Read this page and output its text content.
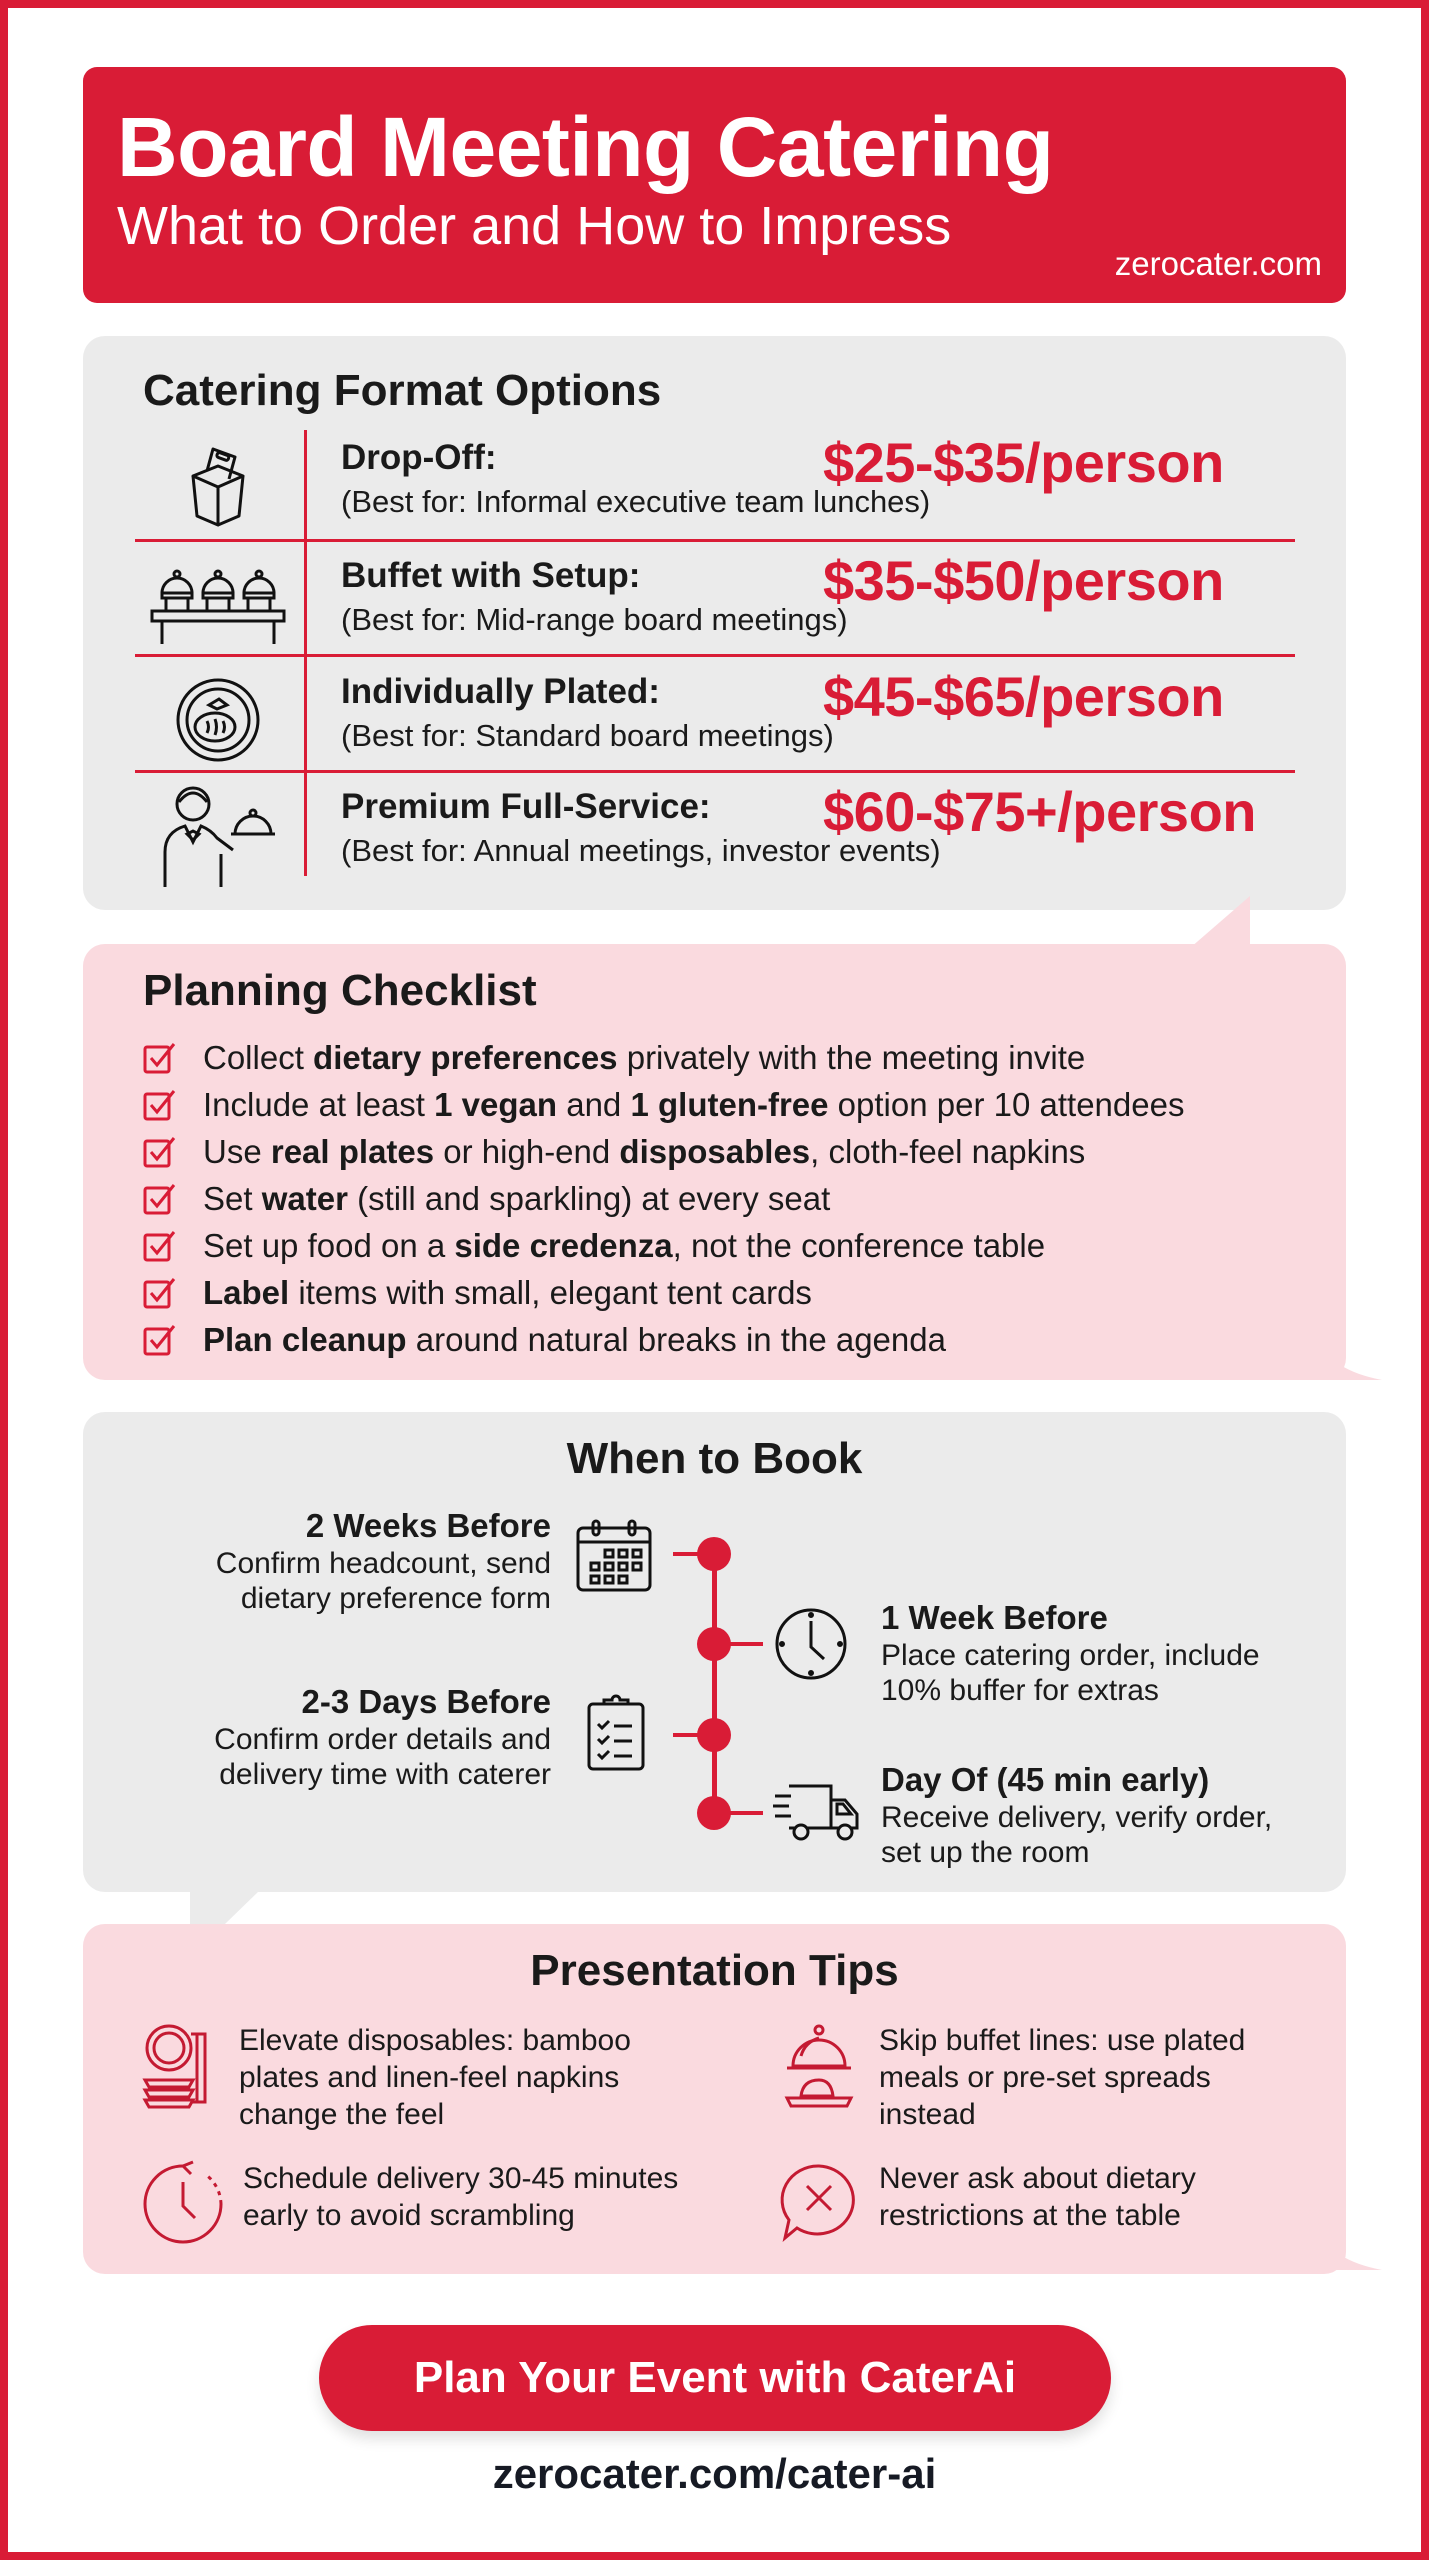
Board Meeting Catering
What to Order and How to Impress
zerocater.com
Catering Format Options
Drop-Off:
(Best for: Informal executive team lunches)
$25-$35/person
Buffet with Setup:
(Best for: Mid-range board meetings)
$35-$50/person
Individually Plated:
(Best for: Standard board meetings)
$45-$65/person
Premium Full-Service:
(Best for: Annual meetings, investor events)
$60-$75+/person
Planning Checklist
Collect dietary preferences privately with the meeting invite
Include at least 1 vegan and 1 gluten-free option per 10 attendees
Use real plates or high-end disposables, cloth-feel napkins
Set water (still and sparkling) at every seat
Set up food on a side credenza, not the conference table
Label items with small, elegant tent cards
Plan cleanup around natural breaks in the agenda
When to Book
2 Weeks Before
Confirm headcount, send
dietary preference form
1 Week Before
Place catering order, include
10% buffer for extras
2-3 Days Before
Confirm order details and
delivery time with caterer	Day Of (45 min early)
Receive delivery, verify order,
set up the room
Presentation Tips
Elevate disposables: bamboo
plates and linen-feel napkins
change the feel
Skip buffet lines: use plated
meals or pre-set spreads
instead
Schedule delivery 30-45 minutes
early to avoid scrambling
Never ask about dietary
restrictions at the table
Plan Your Event with CaterAi
zerocater.com/cater-ai
